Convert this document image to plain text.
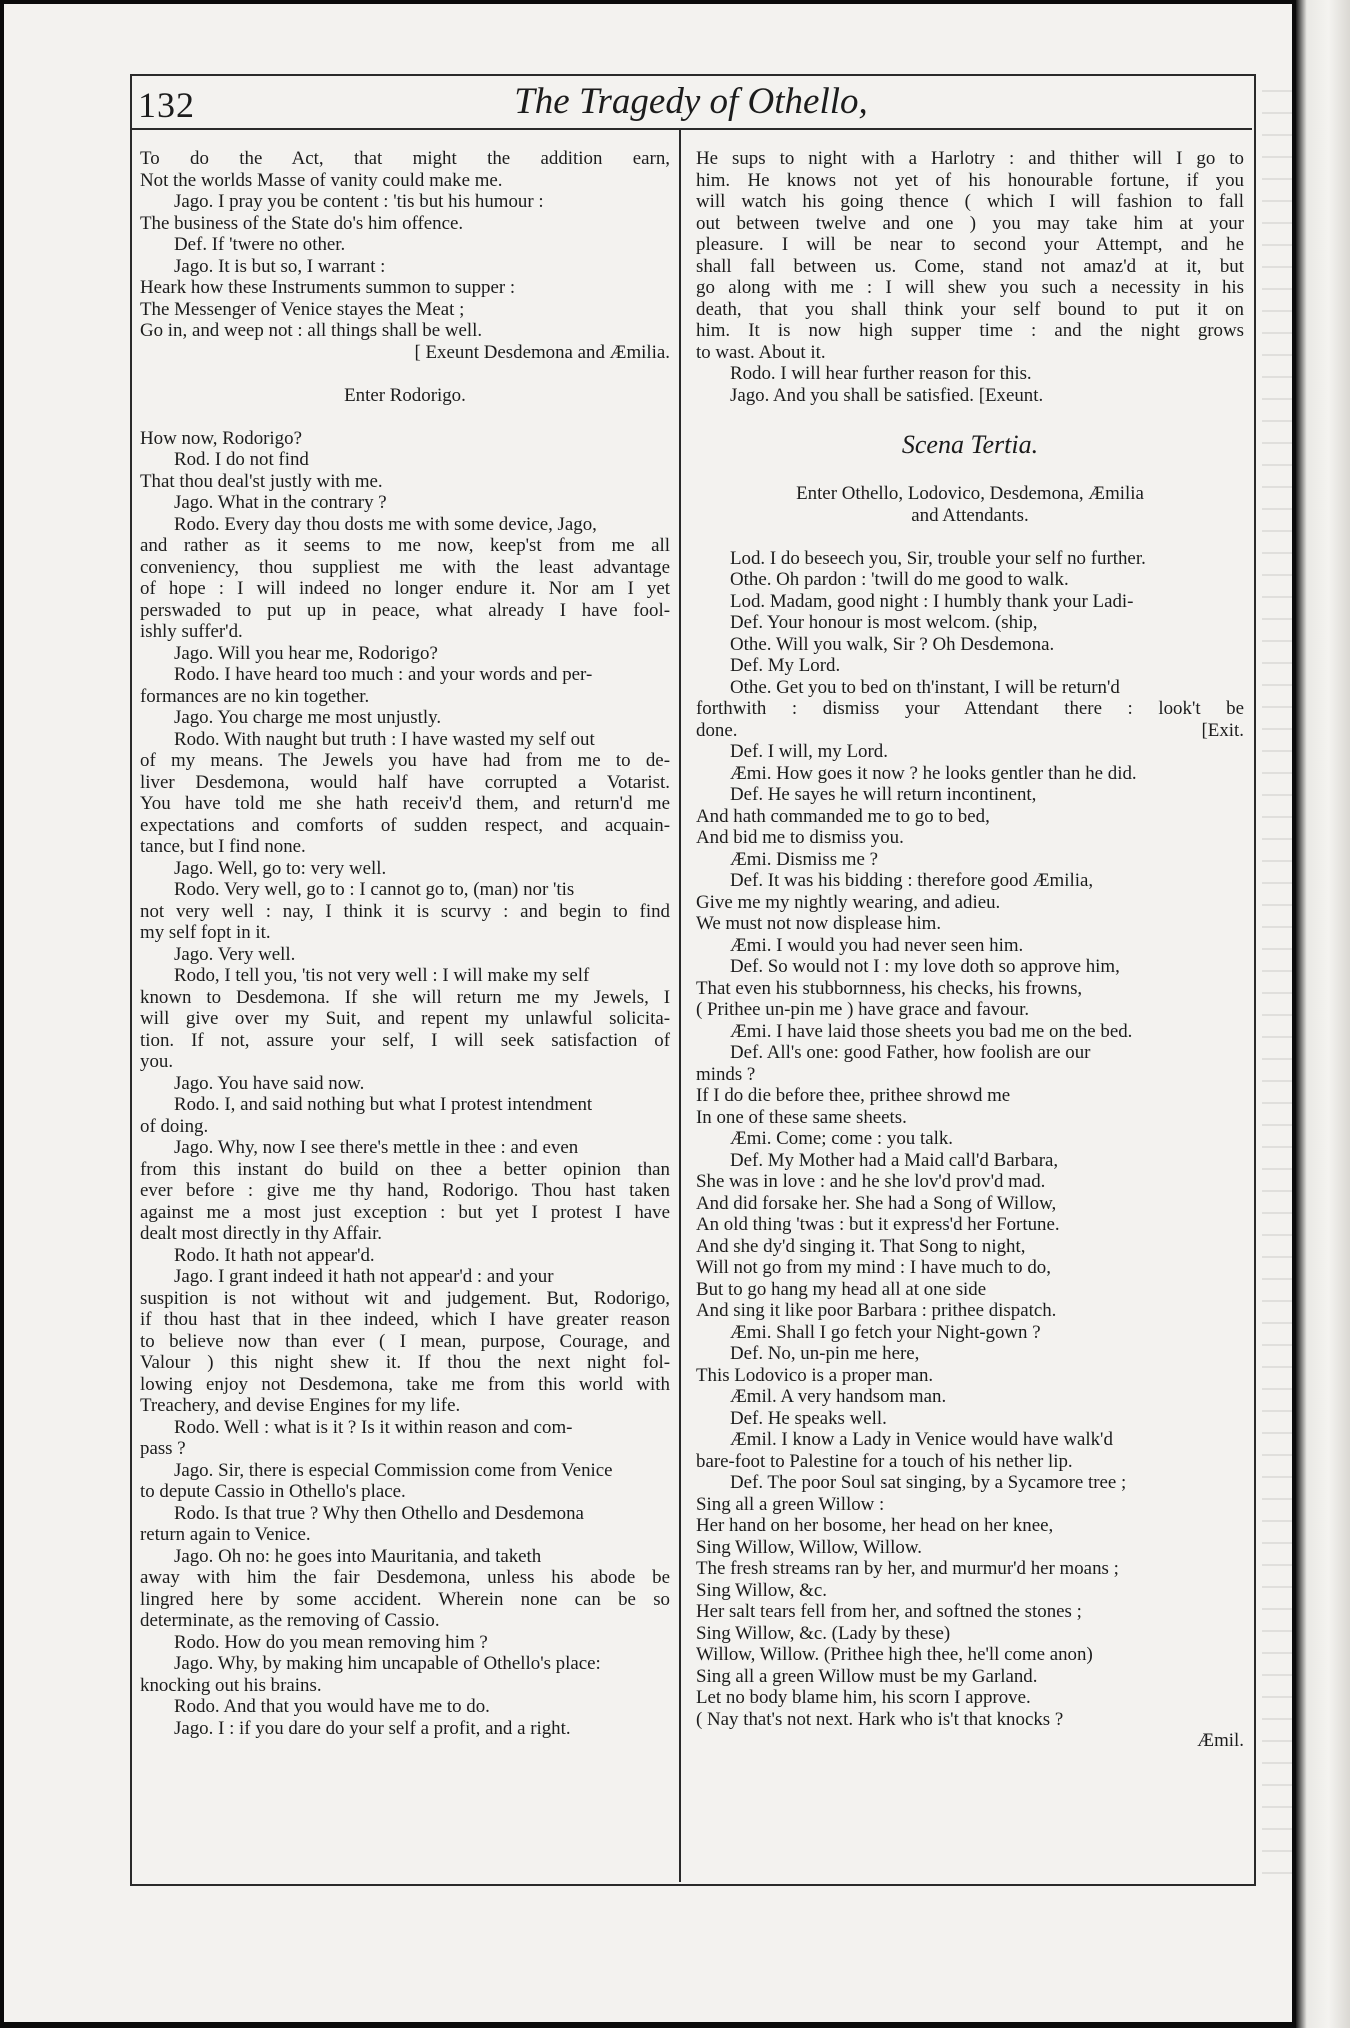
132	The Tragedy of Othello,
To do the Act, that might the addition earn,
Not the worlds Masse of vanity could make me.
Jago. I pray you be content : 'tis but his humour :
The business of the State do's him offence.
Def. If 'twere no other.
Jago. It is but so, I warrant :
Heark how these Instruments summon to supper :
The Messenger of Venice stayes the Meat ;
Go in, and weep not : all things shall be well.
[ Exeunt Desdemona and Æmilia.
Enter Rodorigo.
How now, Rodorigo?
Rod. I do not find
That thou deal'st justly with me.
Jago. What in the contrary ?
Rodo. Every day thou dosts me with some device, Jago,
and rather as it seems to me now, keep'st from me all
conveniency, thou suppliest me with the least advantage
of hope : I will indeed no longer endure it. Nor am I yet
perswaded to put up in peace, what already I have fool-
ishly suffer'd.
Jago. Will you hear me, Rodorigo?
Rodo. I have heard too much : and your words and per-
formances are no kin together.
Jago. You charge me most unjustly.
Rodo. With naught but truth : I have wasted my self out
of my means. The Jewels you have had from me to de-
liver Desdemona, would half have corrupted a Votarist.
You have told me she hath receiv'd them, and return'd me
expectations and comforts of sudden respect, and acquain-
tance, but I find none.
Jago. Well, go to: very well.
Rodo. Very well, go to : I cannot go to, (man) nor 'tis
not very well : nay, I think it is scurvy : and begin to find
my self fopt in it.
Jago. Very well.
Rodo, I tell you, 'tis not very well : I will make my self
known to Desdemona. If she will return me my Jewels, I
will give over my Suit, and repent my unlawful solicita-
tion. If not, assure your self, I will seek satisfaction of
you.
Jago. You have said now.
Rodo. I, and said nothing but what I protest intendment
of doing.
Jago. Why, now I see there's mettle in thee : and even
from this instant do build on thee a better opinion than
ever before : give me thy hand, Rodorigo. Thou hast taken
against me a most just exception : but yet I protest I have
dealt most directly in thy Affair.
Rodo. It hath not appear'd.
Jago. I grant indeed it hath not appear'd : and your
suspition is not without wit and judgement. But, Rodorigo,
if thou hast that in thee indeed, which I have greater reason
to believe now than ever ( I mean, purpose, Courage, and
Valour ) this night shew it. If thou the next night fol-
lowing enjoy not Desdemona, take me from this world with
Treachery, and devise Engines for my life.
Rodo. Well : what is it ? Is it within reason and com-
pass ?
Jago. Sir, there is especial Commission come from Venice
to depute Cassio in Othello's place.
Rodo. Is that true ? Why then Othello and Desdemona
return again to Venice.
Jago. Oh no: he goes into Mauritania, and taketh
away with him the fair Desdemona, unless his abode be
lingred here by some accident. Wherein none can be so
determinate, as the removing of Cassio.
Rodo. How do you mean removing him ?
Jago. Why, by making him uncapable of Othello's place:
knocking out his brains.
Rodo. And that you would have me to do.
Jago. I : if you dare do your self a profit, and a right.
He sups to night with a Harlotry : and thither will I go to
him. He knows not yet of his honourable fortune, if you
will watch his going thence ( which I will fashion to fall
out between twelve and one ) you may take him at your
pleasure. I will be near to second your Attempt, and he
shall fall between us. Come, stand not amaz'd at it, but
go along with me : I will shew you such a necessity in his
death, that you shall think your self bound to put it on
him. It is now high supper time : and the night grows
to wast. About it.
Rodo. I will hear further reason for this.
Jago. And you shall be satisfied. [Exeunt.
Scena Tertia.
Enter Othello, Lodovico, Desdemona, Æmilia
and Attendants.
Lod. I do beseech you, Sir, trouble your self no further.
Othe. Oh pardon : 'twill do me good to walk.
Lod. Madam, good night : I humbly thank your Ladi-
Def. Your honour is most welcom. (ship,
Othe. Will you walk, Sir ? Oh Desdemona.
Def. My Lord.
Othe. Get you to bed on th'instant, I will be return'd
forthwith : dismiss your Attendant there : look't be
done. [Exit.
Def. I will, my Lord.
Æmi. How goes it now ? he looks gentler than he did.
Def. He sayes he will return incontinent,
And hath commanded me to go to bed,
And bid me to dismiss you.
Æmi. Dismiss me ?
Def. It was his bidding : therefore good Æmilia,
Give me my nightly wearing, and adieu.
We must not now displease him.
Æmi. I would you had never seen him.
Def. So would not I : my love doth so approve him,
That even his stubbornness, his checks, his frowns,
( Prithee un-pin me ) have grace and favour.
Æmi. I have laid those sheets you bad me on the bed.
Def. All's one: good Father, how foolish are our
minds ?
If I do die before thee, prithee shrowd me
In one of these same sheets.
Æmi. Come; come : you talk.
Def. My Mother had a Maid call'd Barbara,
She was in love : and he she lov'd prov'd mad.
And did forsake her. She had a Song of Willow,
An old thing 'twas : but it express'd her Fortune.
And she dy'd singing it. That Song to night,
Will not go from my mind : I have much to do,
But to go hang my head all at one side
And sing it like poor Barbara : prithee dispatch.
Æmi. Shall I go fetch your Night-gown ?
Def. No, un-pin me here,
This Lodovico is a proper man.
Æmil. A very handsom man.
Def. He speaks well.
Æmil. I know a Lady in Venice would have walk'd
bare-foot to Palestine for a touch of his nether lip.
Def. The poor Soul sat singing, by a Sycamore tree ;
Sing all a green Willow :
Her hand on her bosome, her head on her knee,
Sing Willow, Willow, Willow.
The fresh streams ran by her, and murmur'd her moans ;
Sing Willow, &c.
Her salt tears fell from her, and softned the stones ;
Sing Willow, &c. (Lady by these)
Willow, Willow. (Prithee high thee, he'll come anon)
Sing all a green Willow must be my Garland.
Let no body blame him, his scorn I approve.
( Nay that's not next. Hark who is't that knocks ?
Æmil.
